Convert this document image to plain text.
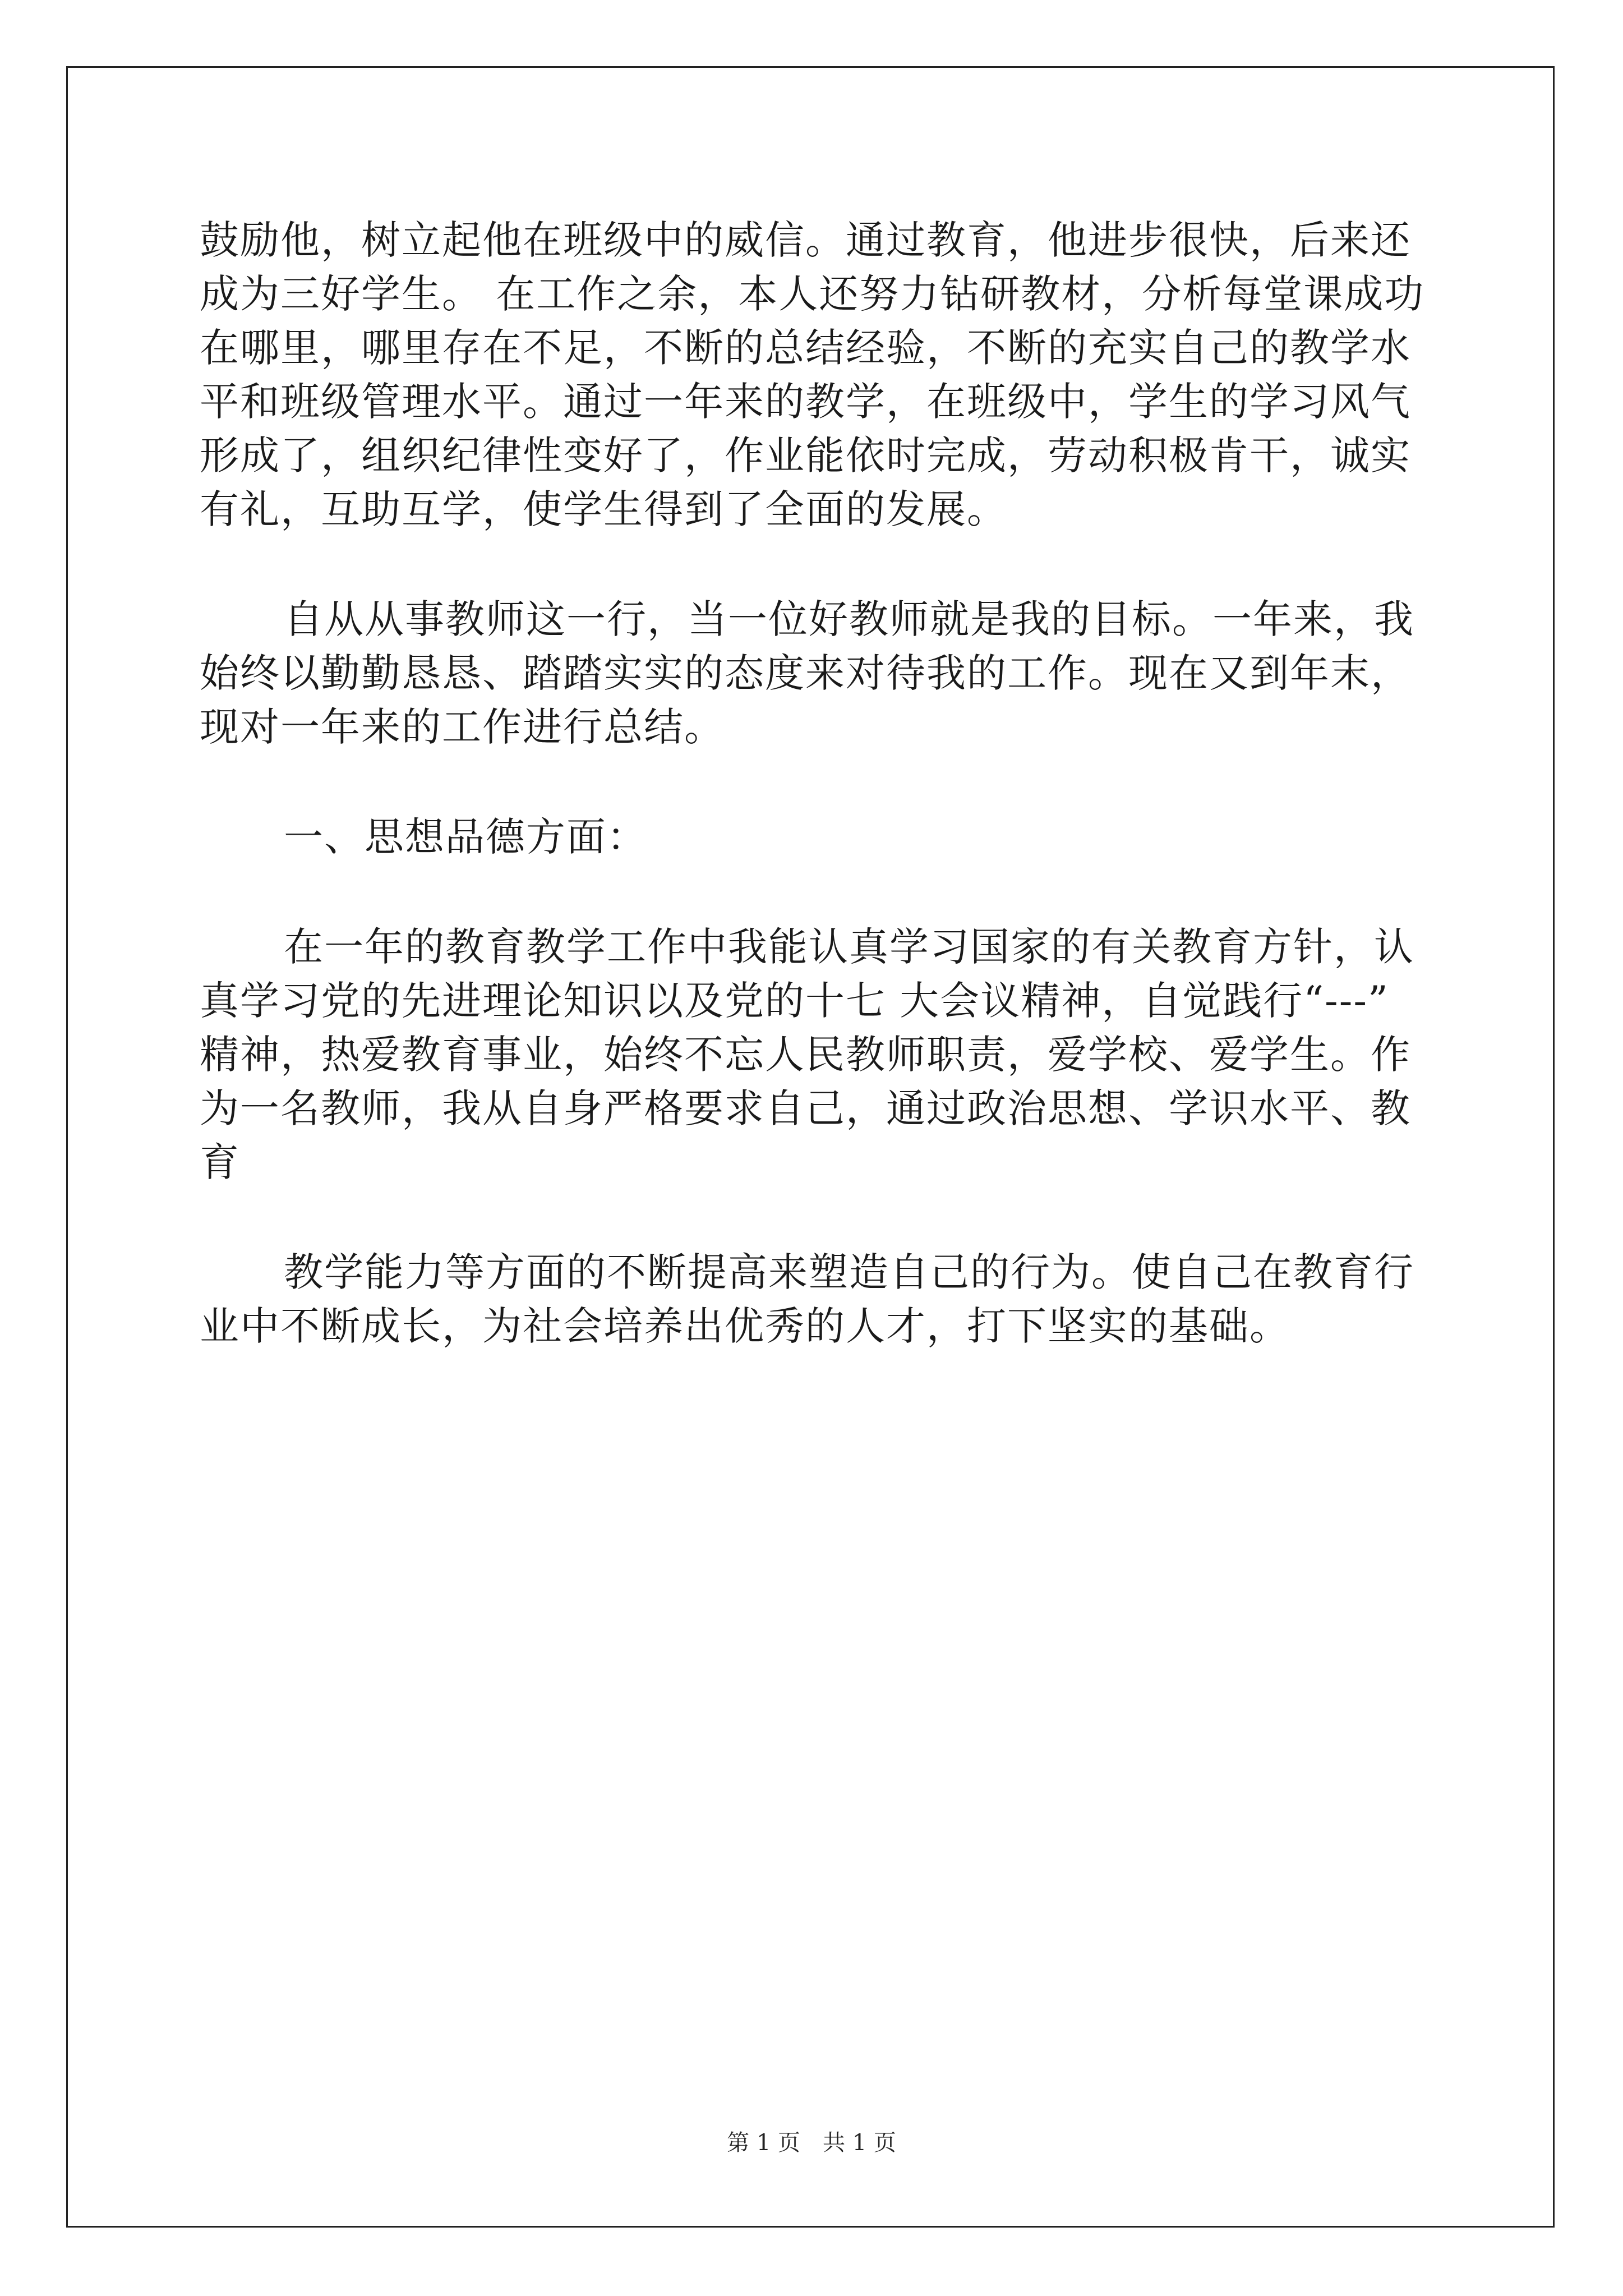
鼓励他，树立起他在班级中的威信。通过教育，他进步很快，后来还
成为三好学生。 在工作之余，本人还努力钻研教材，分析每堂课成功
在哪里，哪里存在不足，不断的总结经验，不断的充实自己的教学水
平和班级管理水平。通过一年来的教学，在班级中，学生的学习风气
形成了，组织纪律性变好了，作业能依时完成，劳动积极肯干，诚实
有礼，互助互学，使学生得到了全面的发展。
自从从事教师这一行，当一位好教师就是我的目标。一年来，我
始终以勤勤恳恳、踏踏实实的态度来对待我的工作。现在又到年末，
现对一年来的工作进行总结。
一、思想品德方面：
在一年的教育教学工作中我能认真学习国家的有关教育方针，认
真学习党的先进理论知识以及党的十七 大会议精神，自觉践行“---”
精神，热爱教育事业，始终不忘人民教师职责，爱学校、爱学生。作
为一名教师，我从自身严格要求自己，通过政治思想、学识水平、教
育
教学能力等方面的不断提高来塑造自己的行为。使自己在教育行
业中不断成长，为社会培养出优秀的人才，打下坚实的基础。
第 1 页 共 1 页
